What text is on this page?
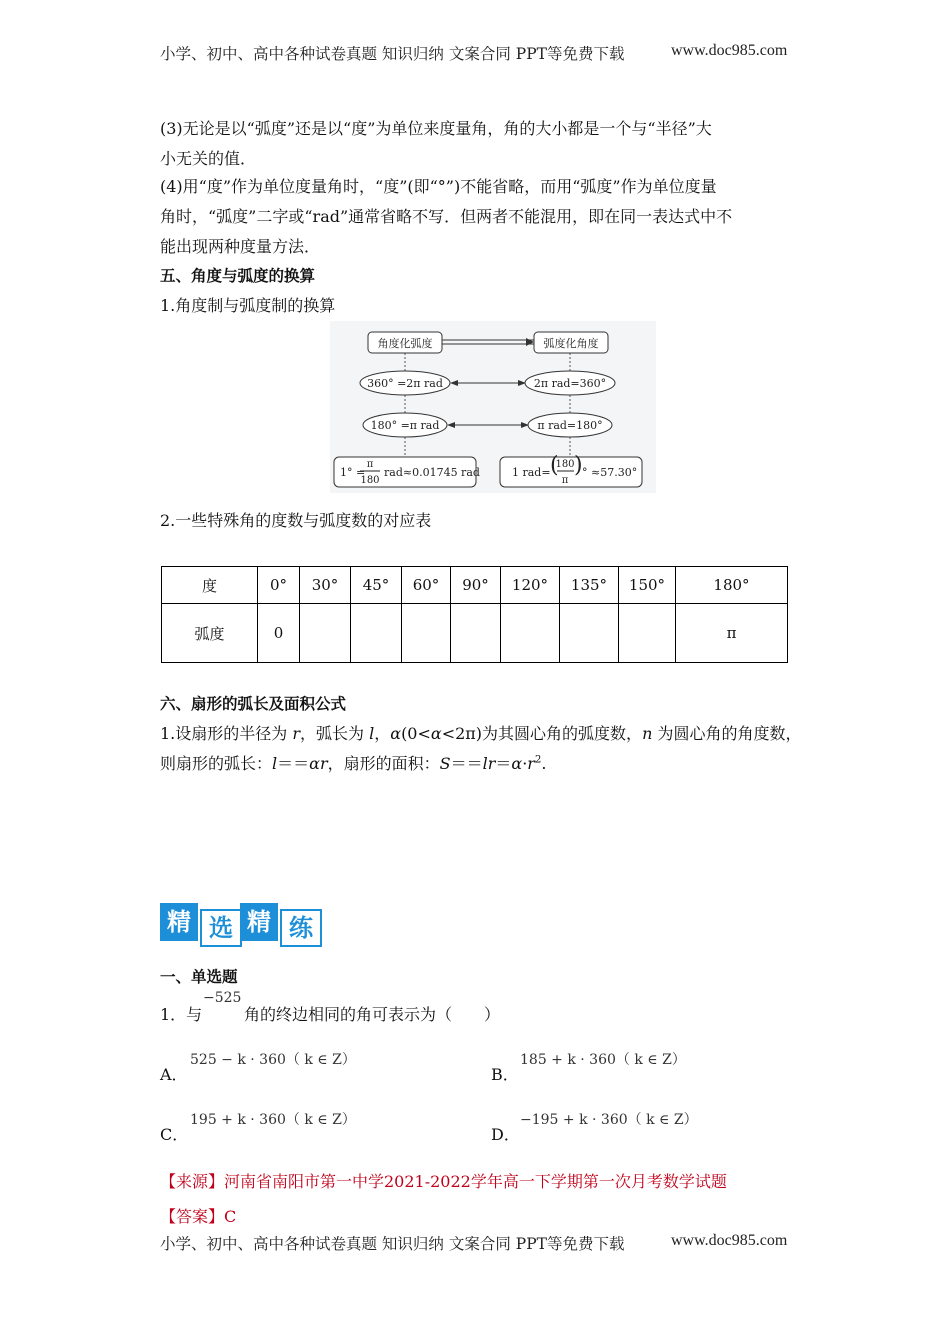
小学、初中、高中各种试卷真题 知识归纳 文案合同 PPT等免费下载	www.doc985.com
(3)无论是以“弧度”还是以“度”为单位来度量角，角的大小都是一个与“半径”大
小无关的值．
(4)用“度”作为单位度量角时，“度”(即“°”)不能省略，而用“弧度”作为单位度量
角时，“弧度”二字或“rad”通常省略不写．但两者不能混用，即在同一表达式中不
能出现两种度量方法．
五、角度与弧度的换算
1.角度制与弧度制的换算
角度化弧度	弧度化角度
360° =2π rad	2π rad=360°
180° =π rad	π rad=180°
1° =
π
180
rad≈0.01745 rad	1 rad= (
180
π
) ° ≈57.30°
2.一些特殊角的度数与弧度数的对应表
度	0°	30°	45°	60°	90°	120°	135°	150°	180°
弧度	0								π
六、扇形的弧长及面积公式
1.设扇形的半径为 r，弧长为 l，α(0<α<2π)为其圆心角的弧度数，n 为圆心角的角度数，
则扇形的弧长：l＝＝αr，扇形的面积：$S==lr=\alpha\cdot r^2$.
精 选 精 练
一、单选题
1．与
−525
角的终边相同的角可表示为（　　）
A．
525 − k · 360（ k ∈ Z）
B．
185 + k · 360（ k ∈ Z）
C．
195 + k · 360（ k ∈ Z）
D．
−195 + k · 360（ k ∈ Z）
【来源】河南省南阳市第一中学2021-2022学年高一下学期第一次月考数学试题
【答案】C
小学、初中、高中各种试卷真题 知识归纳 文案合同 PPT等免费下载	www.doc985.com
